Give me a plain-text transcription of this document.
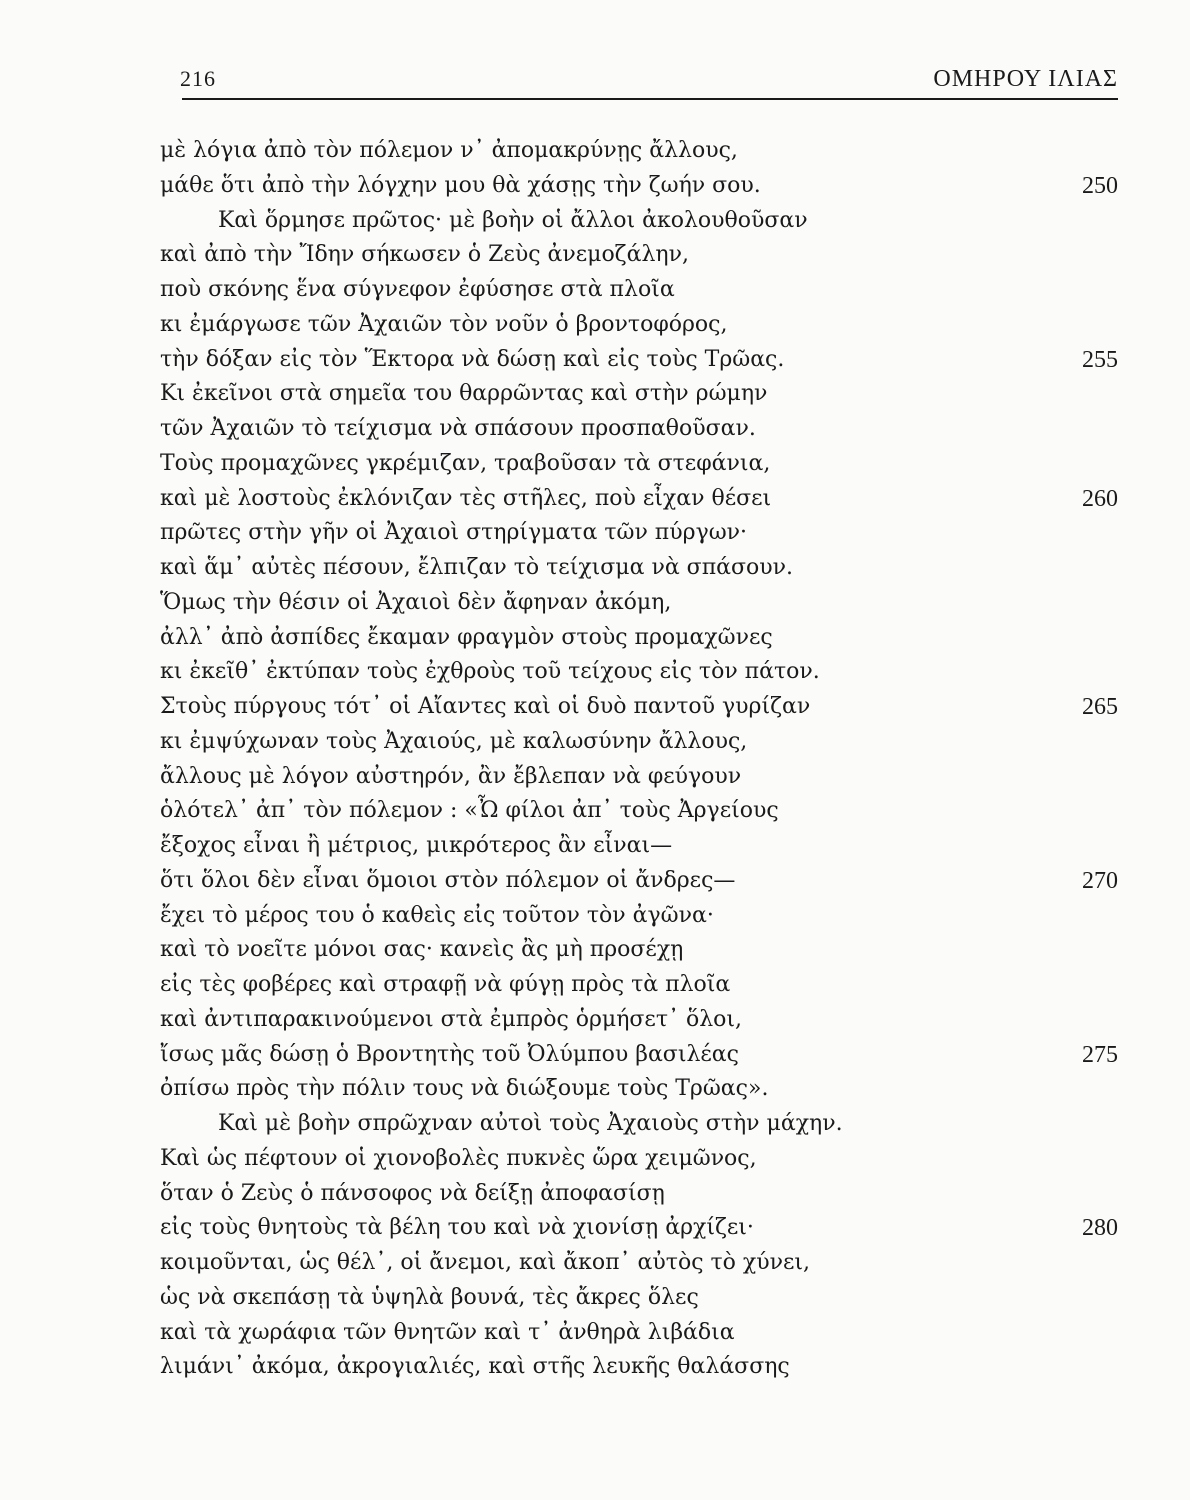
216	ΟΜΗΡΟΥ ΙΛΙΑΣ
μὲ λόγια ἀπὸ τὸν πόλεμον ν᾽ ἀπομακρύνῃς ἄλλους,
μάθε ὅτι ἀπὸ τὴν λόγχην μου θὰ χάσῃς τὴν ζωήν σου.	250
Καὶ ὅρμησε πρῶτος· μὲ βοὴν οἱ ἄλλοι ἀκολουθοῦσαν
καὶ ἀπὸ τὴν Ἴδην σήκωσεν ὁ Ζεὺς ἀνεμοζάλην,
ποὺ σκόνης ἕνα σύγνεφον ἐφύσησε στὰ πλοῖα
κι ἐμάργωσε τῶν Ἀχαιῶν τὸν νοῦν ὁ βροντοφόρος,
τὴν δόξαν εἰς τὸν Ἕκτορα νὰ δώσῃ καὶ εἰς τοὺς Τρῶας.	255
Κι ἐκεῖνοι στὰ σημεῖα του θαρρῶντας καὶ στὴν ρώμην
τῶν Ἀχαιῶν τὸ τείχισμα νὰ σπάσουν προσπαθοῦσαν.
Τοὺς προμαχῶνες γκρέμιζαν, τραβοῦσαν τὰ στεφάνια,
καὶ μὲ λοστοὺς ἐκλόνιζαν τὲς στῆλες, ποὺ εἶχαν θέσει	260
πρῶτες στὴν γῆν οἱ Ἀχαιοὶ στηρίγματα τῶν πύργων·
καὶ ἅμ᾽ αὐτὲς πέσουν, ἔλπιζαν τὸ τείχισμα νὰ σπάσουν.
Ὅμως τὴν θέσιν οἱ Ἀχαιοὶ δὲν ἄφηναν ἀκόμη,
ἀλλ᾽ ἀπὸ ἀσπίδες ἔκαμαν φραγμὸν στοὺς προμαχῶνες
κι ἐκεῖθ᾽ ἐκτύπαν τοὺς ἐχθροὺς τοῦ τείχους εἰς τὸν πάτον.
Στοὺς πύργους τότ᾽ οἱ Αἴαντες καὶ οἱ δυὸ παντοῦ γυρίζαν	265
κι ἐμψύχωναν τοὺς Ἀχαιούς, μὲ καλωσύνην ἄλλους,
ἄλλους μὲ λόγον αὐστηρόν, ἂν ἔβλεπαν νὰ φεύγουν
ὁλότελ᾽ ἀπ᾽ τὸν πόλεμον : «Ὦ φίλοι ἀπ᾽ τοὺς Ἀργείους
ἔξοχος εἶναι ἢ μέτριος, μικρότερος ἂν εἶναι—
ὅτι ὅλοι δὲν εἶναι ὅμοιοι στὸν πόλεμον οἱ ἄνδρες—	270
ἔχει τὸ μέρος του ὁ καθεὶς εἰς τοῦτον τὸν ἀγῶνα·
καὶ τὸ νοεῖτε μόνοι σας· κανεὶς ἂς μὴ προσέχῃ
εἰς τὲς φοβέρες καὶ στραφῇ νὰ φύγῃ πρὸς τὰ πλοῖα
καὶ ἀντιπαρακινούμενοι στὰ ἐμπρὸς ὁρμήσετ᾽ ὅλοι,
ἴσως μᾶς δώσῃ ὁ Βροντητὴς τοῦ Ὀλύμπου βασιλέας	275
ὀπίσω πρὸς τὴν πόλιν τους νὰ διώξουμε τοὺς Τρῶας».
Καὶ μὲ βοὴν σπρῶχναν αὐτοὶ τοὺς Ἀχαιοὺς στὴν μάχην.
Καὶ ὡς πέφτουν οἱ χιονοβολὲς πυκνὲς ὥρα χειμῶνος,
ὅταν ὁ Ζεὺς ὁ πάνσοφος νὰ δείξῃ ἀποφασίσῃ
εἰς τοὺς θνητοὺς τὰ βέλη του καὶ νὰ χιονίσῃ ἀρχίζει·	280
κοιμοῦνται, ὡς θέλ᾽, οἱ ἄνεμοι, καὶ ἄκοπ᾽ αὐτὸς τὸ χύνει,
ὡς νὰ σκεπάσῃ τὰ ὑψηλὰ βουνά, τὲς ἄκρες ὅλες
καὶ τὰ χωράφια τῶν θνητῶν καὶ τ᾽ ἀνθηρὰ λιβάδια
λιμάνι᾽ ἀκόμα, ἀκρογιαλιές, καὶ στῆς λευκῆς θαλάσσης
